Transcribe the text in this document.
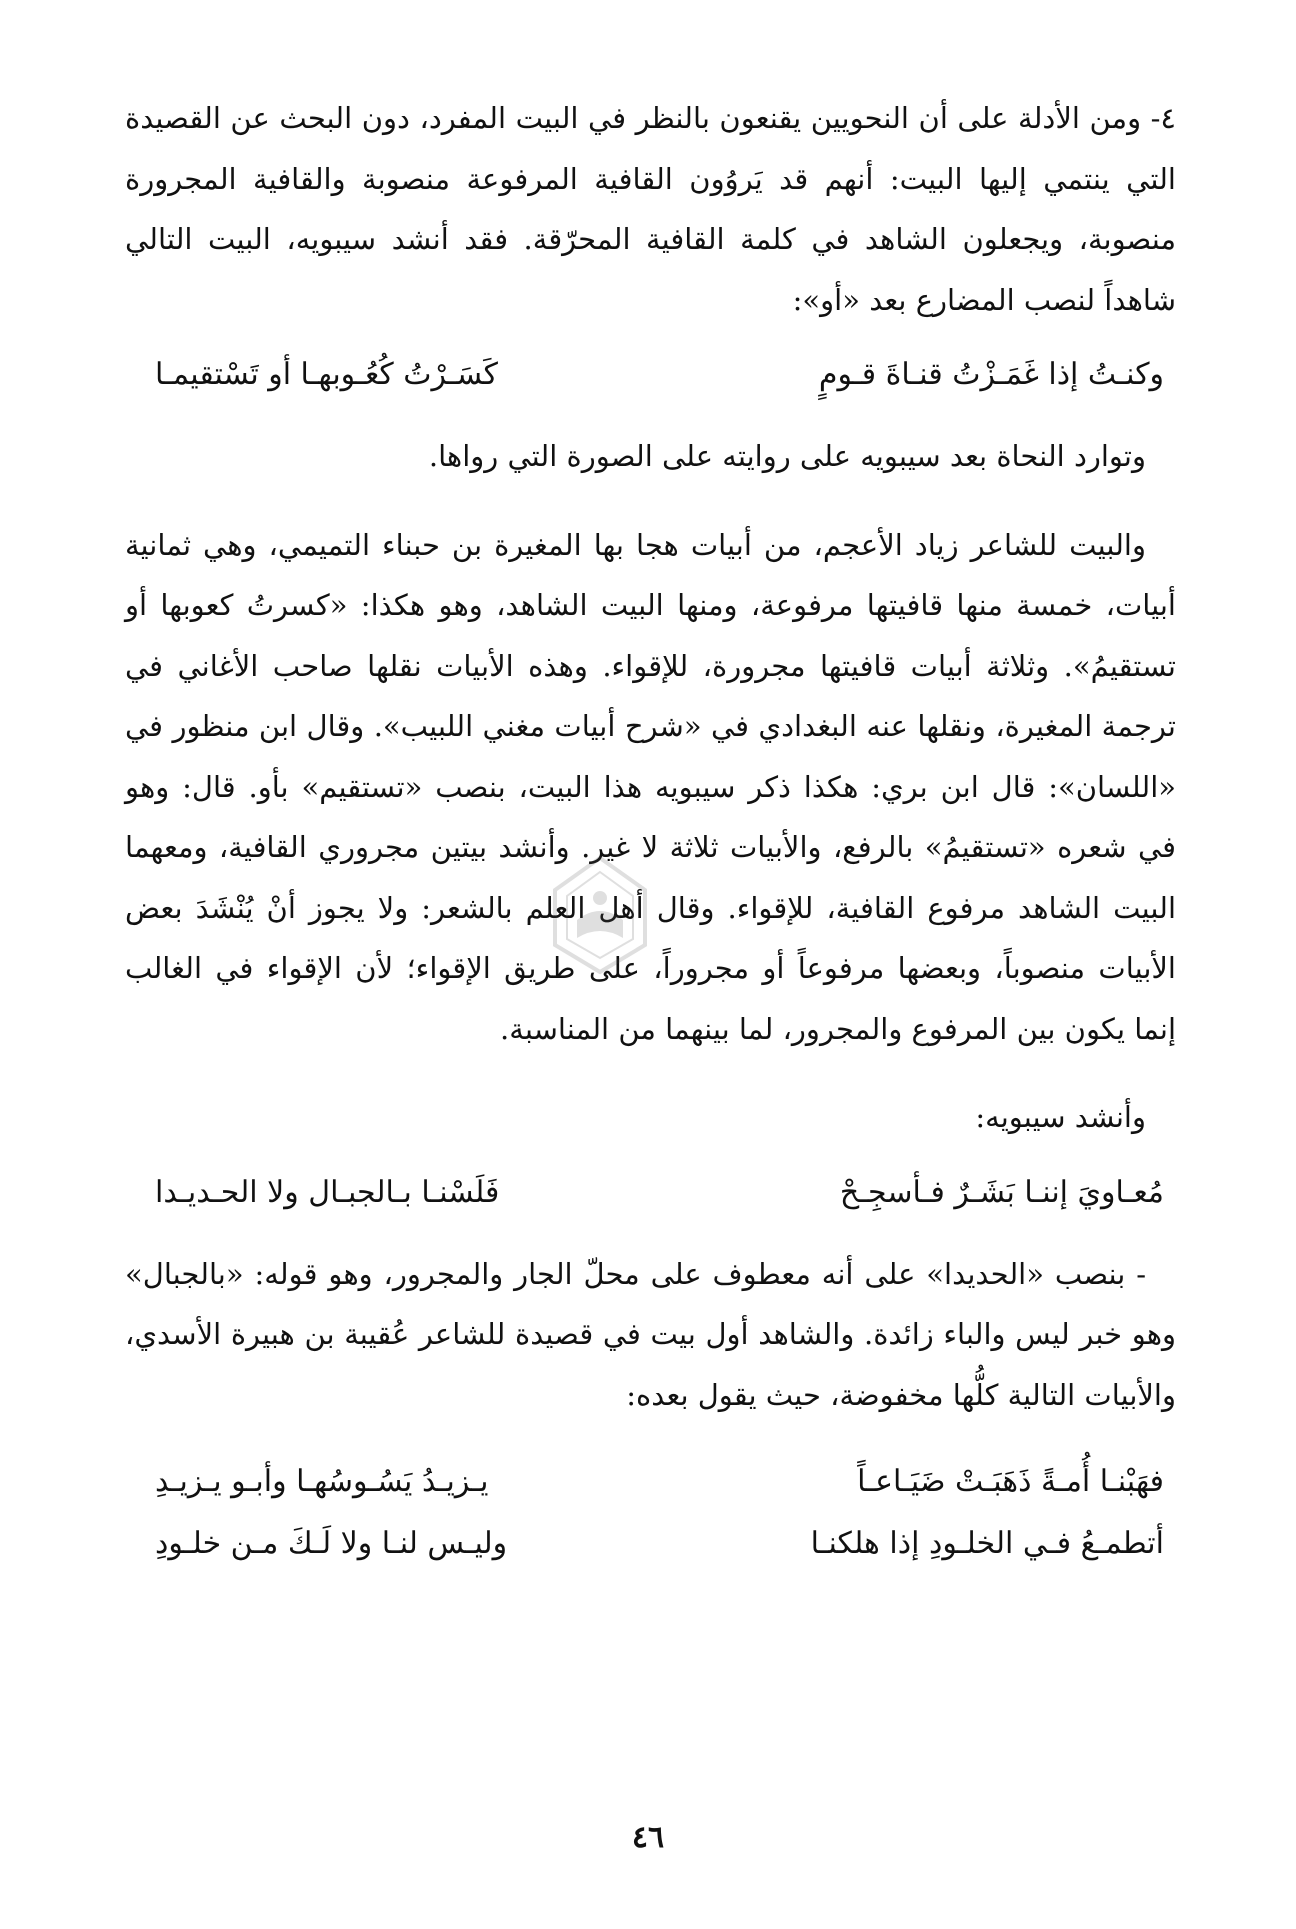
٤- ومن الأدلة على أن النحويين يقنعون بالنظر في البيت المفرد، دون البحث عن القصيدة التي ينتمي إليها البيت: أنهم قد يَروُون القافية المرفوعة منصوبة والقافية المجرورة منصوبة، ويجعلون الشاهد في كلمة القافية المحرّقة. فقد أنشد سيبويه، البيت التالي شاهداً لنصب المضارع بعد «أو»:

وكنـتُ إذا غَمَـزْتُ قنـاةَ قـومٍ
كَسَـرْتُ كُعُـوبهـا أو تَسْتقيمـا

وتوارد النحاة بعد سيبويه على روايته على الصورة التي رواها.

والبيت للشاعر زياد الأعجم، من أبيات هجا بها المغيرة بن حبناء التميمي، وهي ثمانية أبيات، خمسة منها قافيتها مرفوعة، ومنها البيت الشاهد، وهو هكذا: «كسرتُ كعوبها أو تستقيمُ». وثلاثة أبيات قافيتها مجرورة، للإقواء. وهذه الأبيات نقلها صاحب الأغاني في ترجمة المغيرة، ونقلها عنه البغدادي في «شرح أبيات مغني اللبيب». وقال ابن منظور في «اللسان»: قال ابن بري: هكذا ذكر سيبويه هذا البيت، بنصب «تستقيم» بأو. قال: وهو في شعره «تستقيمُ» بالرفع، والأبيات ثلاثة لا غير. وأنشد بيتين مجروري القافية، ومعهما البيت الشاهد مرفوع القافية، للإقواء. وقال أهل العلم بالشعر: ولا يجوز أنْ يُنْشَدَ بعض الأبيات منصوباً، وبعضها مرفوعاً أو مجروراً، على طريق الإقواء؛ لأن الإقواء في الغالب إنما يكون بين المرفوع والمجرور، لما بينهما من المناسبة.

وأنشد سيبويه:

مُعـاويَ إننـا بَشَـرٌ فـأسجِـحْ
فَلَسْنـا بـالجبـال ولا الحـديـدا

- بنصب «الحديدا» على أنه معطوف على محلّ الجار والمجرور، وهو قوله: «بالجبال» وهو خبر ليس والباء زائدة. والشاهد أول بيت في قصيدة للشاعر عُقيبة بن هبيرة الأسدي، والأبيات التالية كلُّها مخفوضة، حيث يقول بعده:

فهَبْنـا أُمـةً ذَهَبَـتْ ضَيَـاعـاً
يـزيـدُ يَسُـوسُهـا وأبـو يـزيـدِ
أتطمـعُ فـي الخلـودِ إذا هلكنـا
وليـس لنـا ولا لَـكَ مـن خلـودِ
٤٦
